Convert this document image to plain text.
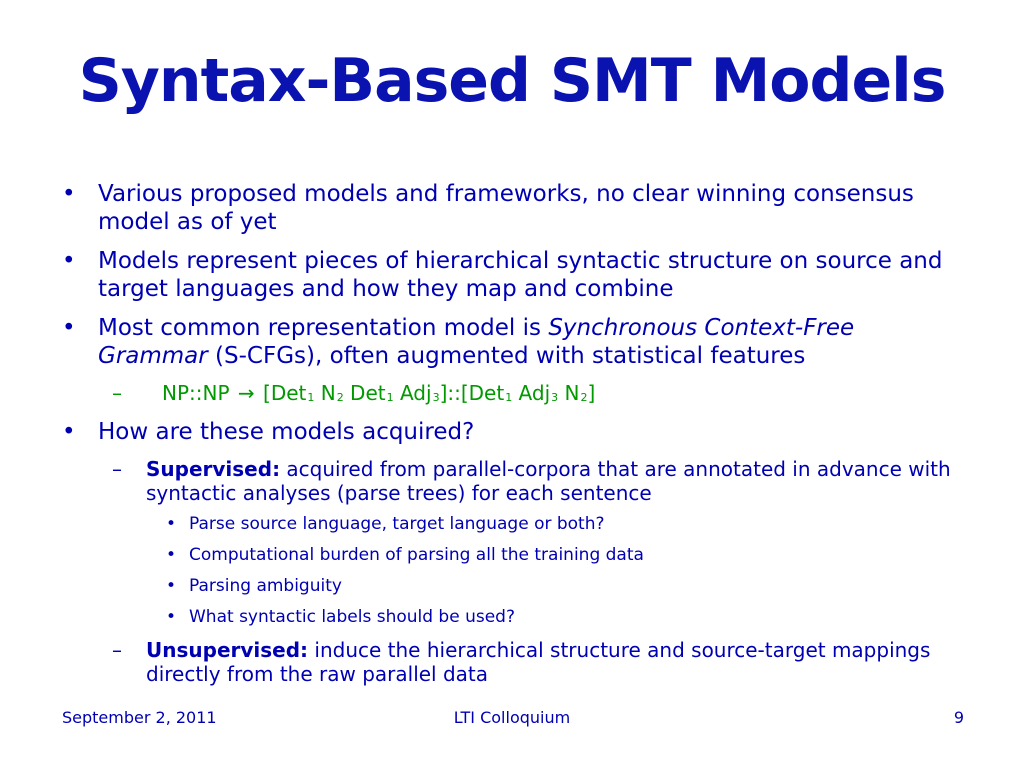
Syntax-Based SMT Models
• Various proposed models and frameworks, no clear winning consensus model as of yet
• Models represent pieces of hierarchical syntactic structure on source and target languages and how they map and combine
• Most common representation model is Synchronous Context-Free Grammar (S-CFGs), often augmented with statistical features
– NP::NP → [Det$_1$ $N_2$ Det$_1$ Adj$_3$]::[Det$_1$ Adj$_3$ $N_2$]
• How are these models acquired?
– Supervised: acquired from parallel-corpora that are annotated in advance with syntactic analyses (parse trees) for each sentence
• Parse source language, target language or both?
• Computational burden of parsing all the training data
• Parsing ambiguity
• What syntactic labels should be used?
– Unsupervised: induce the hierarchical structure and source-target mappings directly from the raw parallel data
September 2, 2011	LTI Colloquium	9
